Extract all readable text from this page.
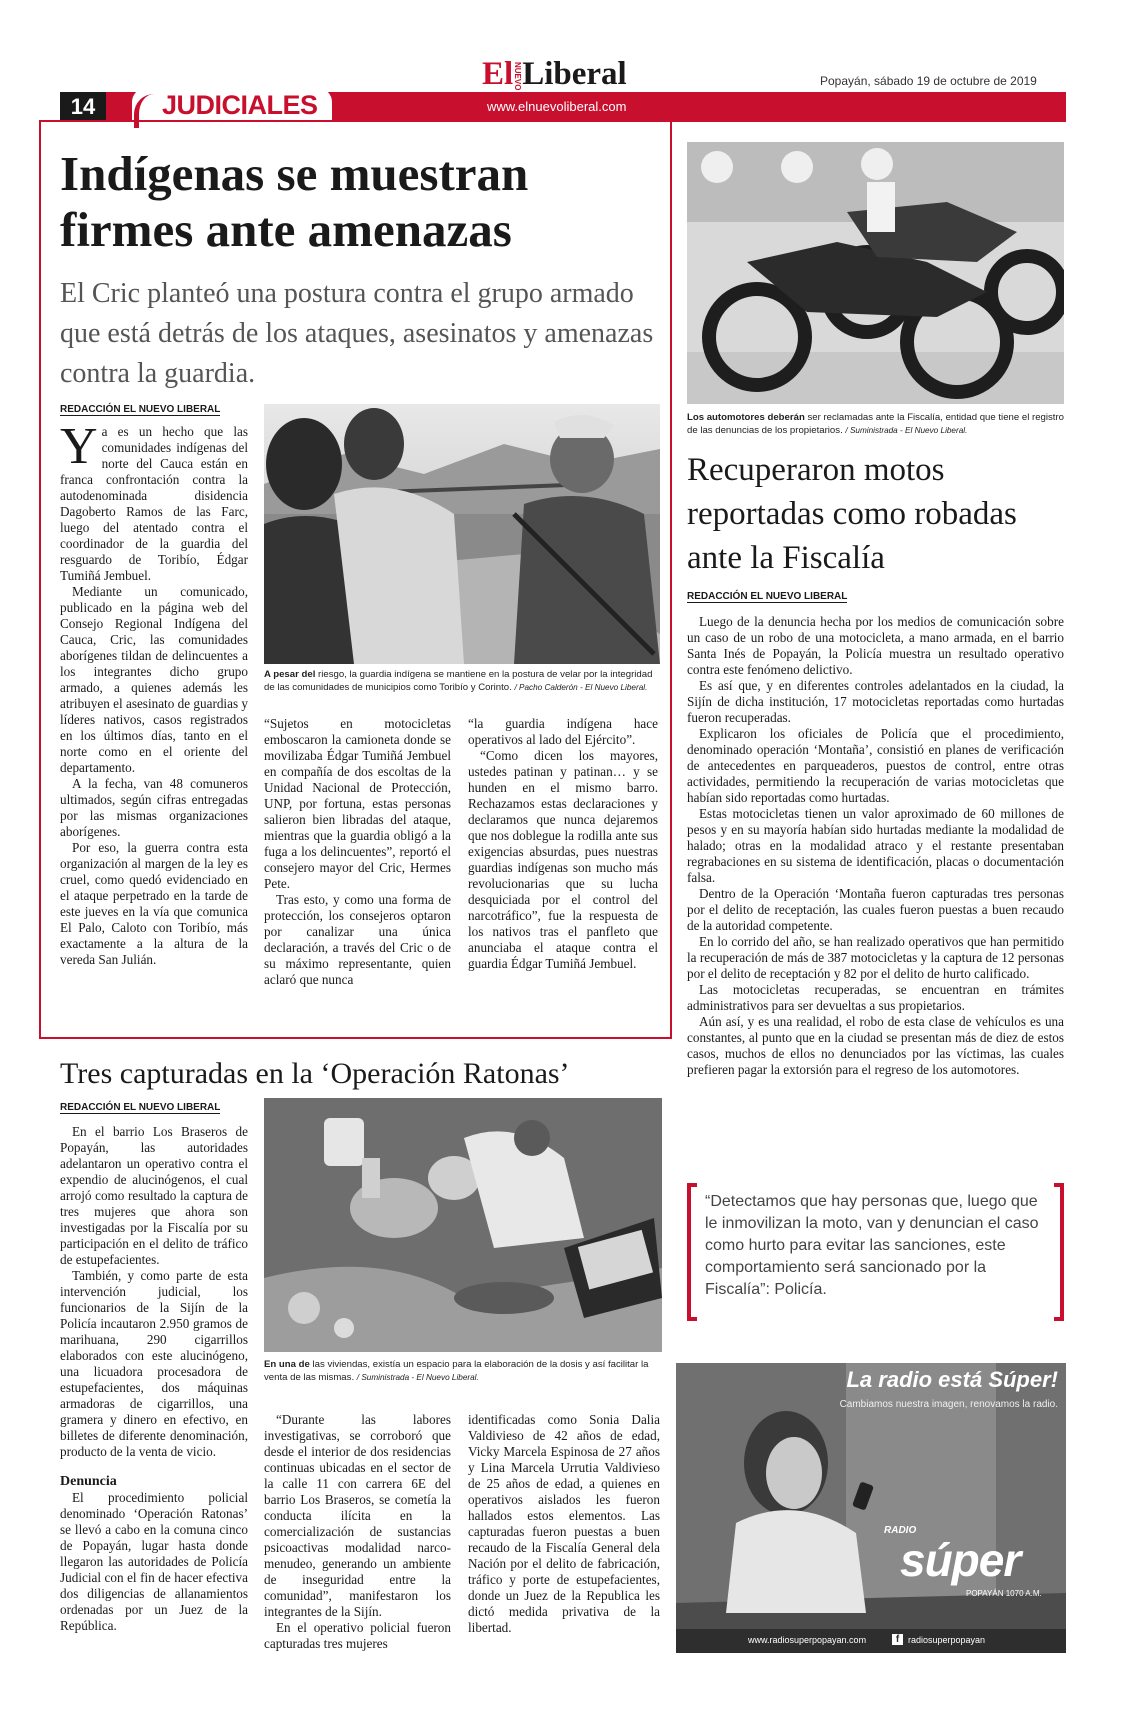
14	JUDICIALES
ElNUEVOLiberal
www.elnuevoliberal.com
Popayán, sábado 19 de octubre de 2019
Indígenas se muestran firmes ante amenazas
El Cric planteó una postura contra el grupo armado que está detrás de los ataques, asesinatos y amenazas contra la guardia.
REDACCIÓN EL NUEVO LIBERAL

Ya es un hecho que las comunidades indígenas del norte del Cauca están en franca confrontación contra la autodenominada disidencia Dagoberto Ramos de las Farc, luego del atentado contra el coordinador de la guardia del resguardo de Toribío, Édgar Tumiñá Jembuel.

Mediante un comunicado, publicado en la página web del Consejo Regional Indígena del Cauca, Cric, las comunidades aborígenes tildan de delincuentes a los integrantes dicho grupo armado, a quienes además les atribuyen el asesinato de guardias y líderes nativos, casos registrados en los últimos días, tanto en el norte como en el oriente del departamento.

A la fecha, van 48 comuneros ultimados, según cifras entregadas por las mismas organizaciones aborígenes.

Por eso, la guerra contra esta organización al margen de la ley es cruel, como quedó evidenciado en el ataque perpetrado en la tarde de este jueves en la vía que comunica El Palo, Caloto con Toribío, más exactamente a la altura de la vereda San Julián.

A pesar del riesgo, la guardia indígena se mantiene en la postura de velar por la integridad de las comunidades de municipios como Toribío y Corinto. / Pacho Calderón - El Nuevo Liberal.

“Sujetos en motocicletas emboscaron la camioneta donde se movilizaba Édgar Tumiñá Jembuel en compañía de dos escoltas de la Unidad Nacional de Protección, UNP, por fortuna, estas personas salieron bien libradas del ataque, mientras que la guardia obligó a la fuga a los delincuentes”, reportó el consejero mayor del Cric, Hermes Pete.

Tras esto, y como una forma de protección, los consejeros optaron por canalizar una única declaración, a través del Cric o de su máximo representante, quien aclaró que nunca

“la guardia indígena hace operativos al lado del Ejército”.

“Como dicen los mayores, ustedes patinan y patinan… y se hunden en el mismo barro. Rechazamos estas declaraciones y declaramos que nunca dejaremos que nos doblegue la rodilla ante sus exigencias absurdas, pues nuestras guardias indígenas son mucho más revolucionarias que su lucha desquiciada por el control del narcotráfico”, fue la respuesta de los nativos tras el panfleto que anunciaba el ataque contra el guardia Édgar Tumiñá Jembuel.

Los automotores deberán ser reclamadas ante la Fiscalía, entidad que tiene el registro de las denuncias de los propietarios. / Suministrada - El Nuevo Liberal.
Recuperaron motos reportadas como robadas ante la Fiscalía
REDACCIÓN EL NUEVO LIBERAL

Luego de la denuncia hecha por los medios de comunicación sobre un caso de un robo de una motocicleta, a mano armada, en el barrio Santa Inés de Popayán, la Policía muestra un resultado operativo contra este fenómeno delictivo.

Es así que, y en diferentes controles adelantados en la ciudad, la Sijín de dicha institución, 17 motocicletas reportadas como hurtadas fueron recuperadas.

Explicaron los oficiales de Policía que el procedimiento, denominado operación ‘Montaña’, consistió en planes de verificación de antecedentes en parqueaderos, puestos de control, entre otras actividades, permitiendo la recuperación de varias motocicletas que habían sido reportadas como hurtadas.

Estas motocicletas tienen un valor aproximado de 60 millones de pesos y en su mayoría habían sido hurtadas mediante la modalidad de halado; otras en la modalidad atraco y el restante presentaban regrabaciones en su sistema de identificación, placas o documentación falsa.

Dentro de la Operación ‘Montaña fueron capturadas tres personas por el delito de receptación, las cuales fueron puestas a buen recaudo de la autoridad competente.

En lo corrido del año, se han realizado operativos que han permitido la recuperación de más de 387 motocicletas y la captura de 12 personas por el delito de receptación y 82 por el delito de hurto calificado.

Las motocicletas recuperadas, se encuentran en trámites administrativos para ser devueltas a sus propietarios.

Aún así, y es una realidad, el robo de esta clase de vehículos es una constantes, al punto que en la ciudad se presentan más de diez de estos casos, muchos de ellos no denunciados por las víctimas, las cuales prefieren pagar la extorsión para el regreso de los automotores.

“Detectamos que hay personas que, luego que le inmovilizan la moto, van y denuncian el caso como hurto para evitar las sanciones, este comportamiento será sancionado por la Fiscalía”: Policía.
Tres capturadas en la ‘Operación Ratonas’
REDACCIÓN EL NUEVO LIBERAL

En el barrio Los Braseros de Popayán, las autoridades adelantaron un operativo contra el expendio de alucinógenos, el cual arrojó como resultado la captura de tres mujeres que ahora son investigadas por la Fiscalía por su participación en el delito de tráfico de estupefacientes.

También, y como parte de esta intervención judicial, los funcionarios de la Sijín de la Policía incautaron 2.950 gramos de marihuana, 290 cigarrillos elaborados con este alucinógeno, una licuadora procesadora de estupefacientes, dos máquinas armadoras de cigarrillos, una gramera y dinero en efectivo, en billetes de diferente denominación, producto de la venta de vicio.

Denuncia

El procedimiento policial denominado ‘Operación Ratonas’ se llevó a cabo en la comuna cinco de Popayán, lugar hasta donde llegaron las autoridades de Policía Judicial con el fin de hacer efectiva dos diligencias de allanamientos ordenadas por un Juez de la República.

En una de las viviendas, existía un espacio para la elaboración de la dosis y así facilitar la venta de las mismas. / Suministrada - El Nuevo Liberal.

“Durante las labores investigativas, se corroboró que desde el interior de dos residencias continuas ubicadas en el sector de la calle 11 con carrera 6E del barrio Los Braseros, se cometía la conducta ilícita en la comercialización de sustancias psicoactivas modalidad narco-menudeo, generando un ambiente de inseguridad entre la comunidad”, manifestaron los integrantes de la Sijín.

En el operativo policial fueron capturadas tres mujeres

identificadas como Sonia Dalia Valdivieso de 42 años de edad, Vicky Marcela Espinosa de 27 años y Lina Marcela Urrutia Valdivieso de 25 años de edad, a quienes en operativos aislados les fueron hallados estos elementos. Las capturadas fueron puestas a buen recaudo de la Fiscalía General dela Nación por el delito de fabricación, tráfico y porte de estupefacientes, donde un Juez de la Republica les dictó medida privativa de la libertad.

La radio está Súper!
Cambiamos nuestra imagen, renovamos la radio.
RADIO
súper
POPAYÁN 1070 A.M.
www.radiosuperpopayan.com	f radiosuperpopayan
